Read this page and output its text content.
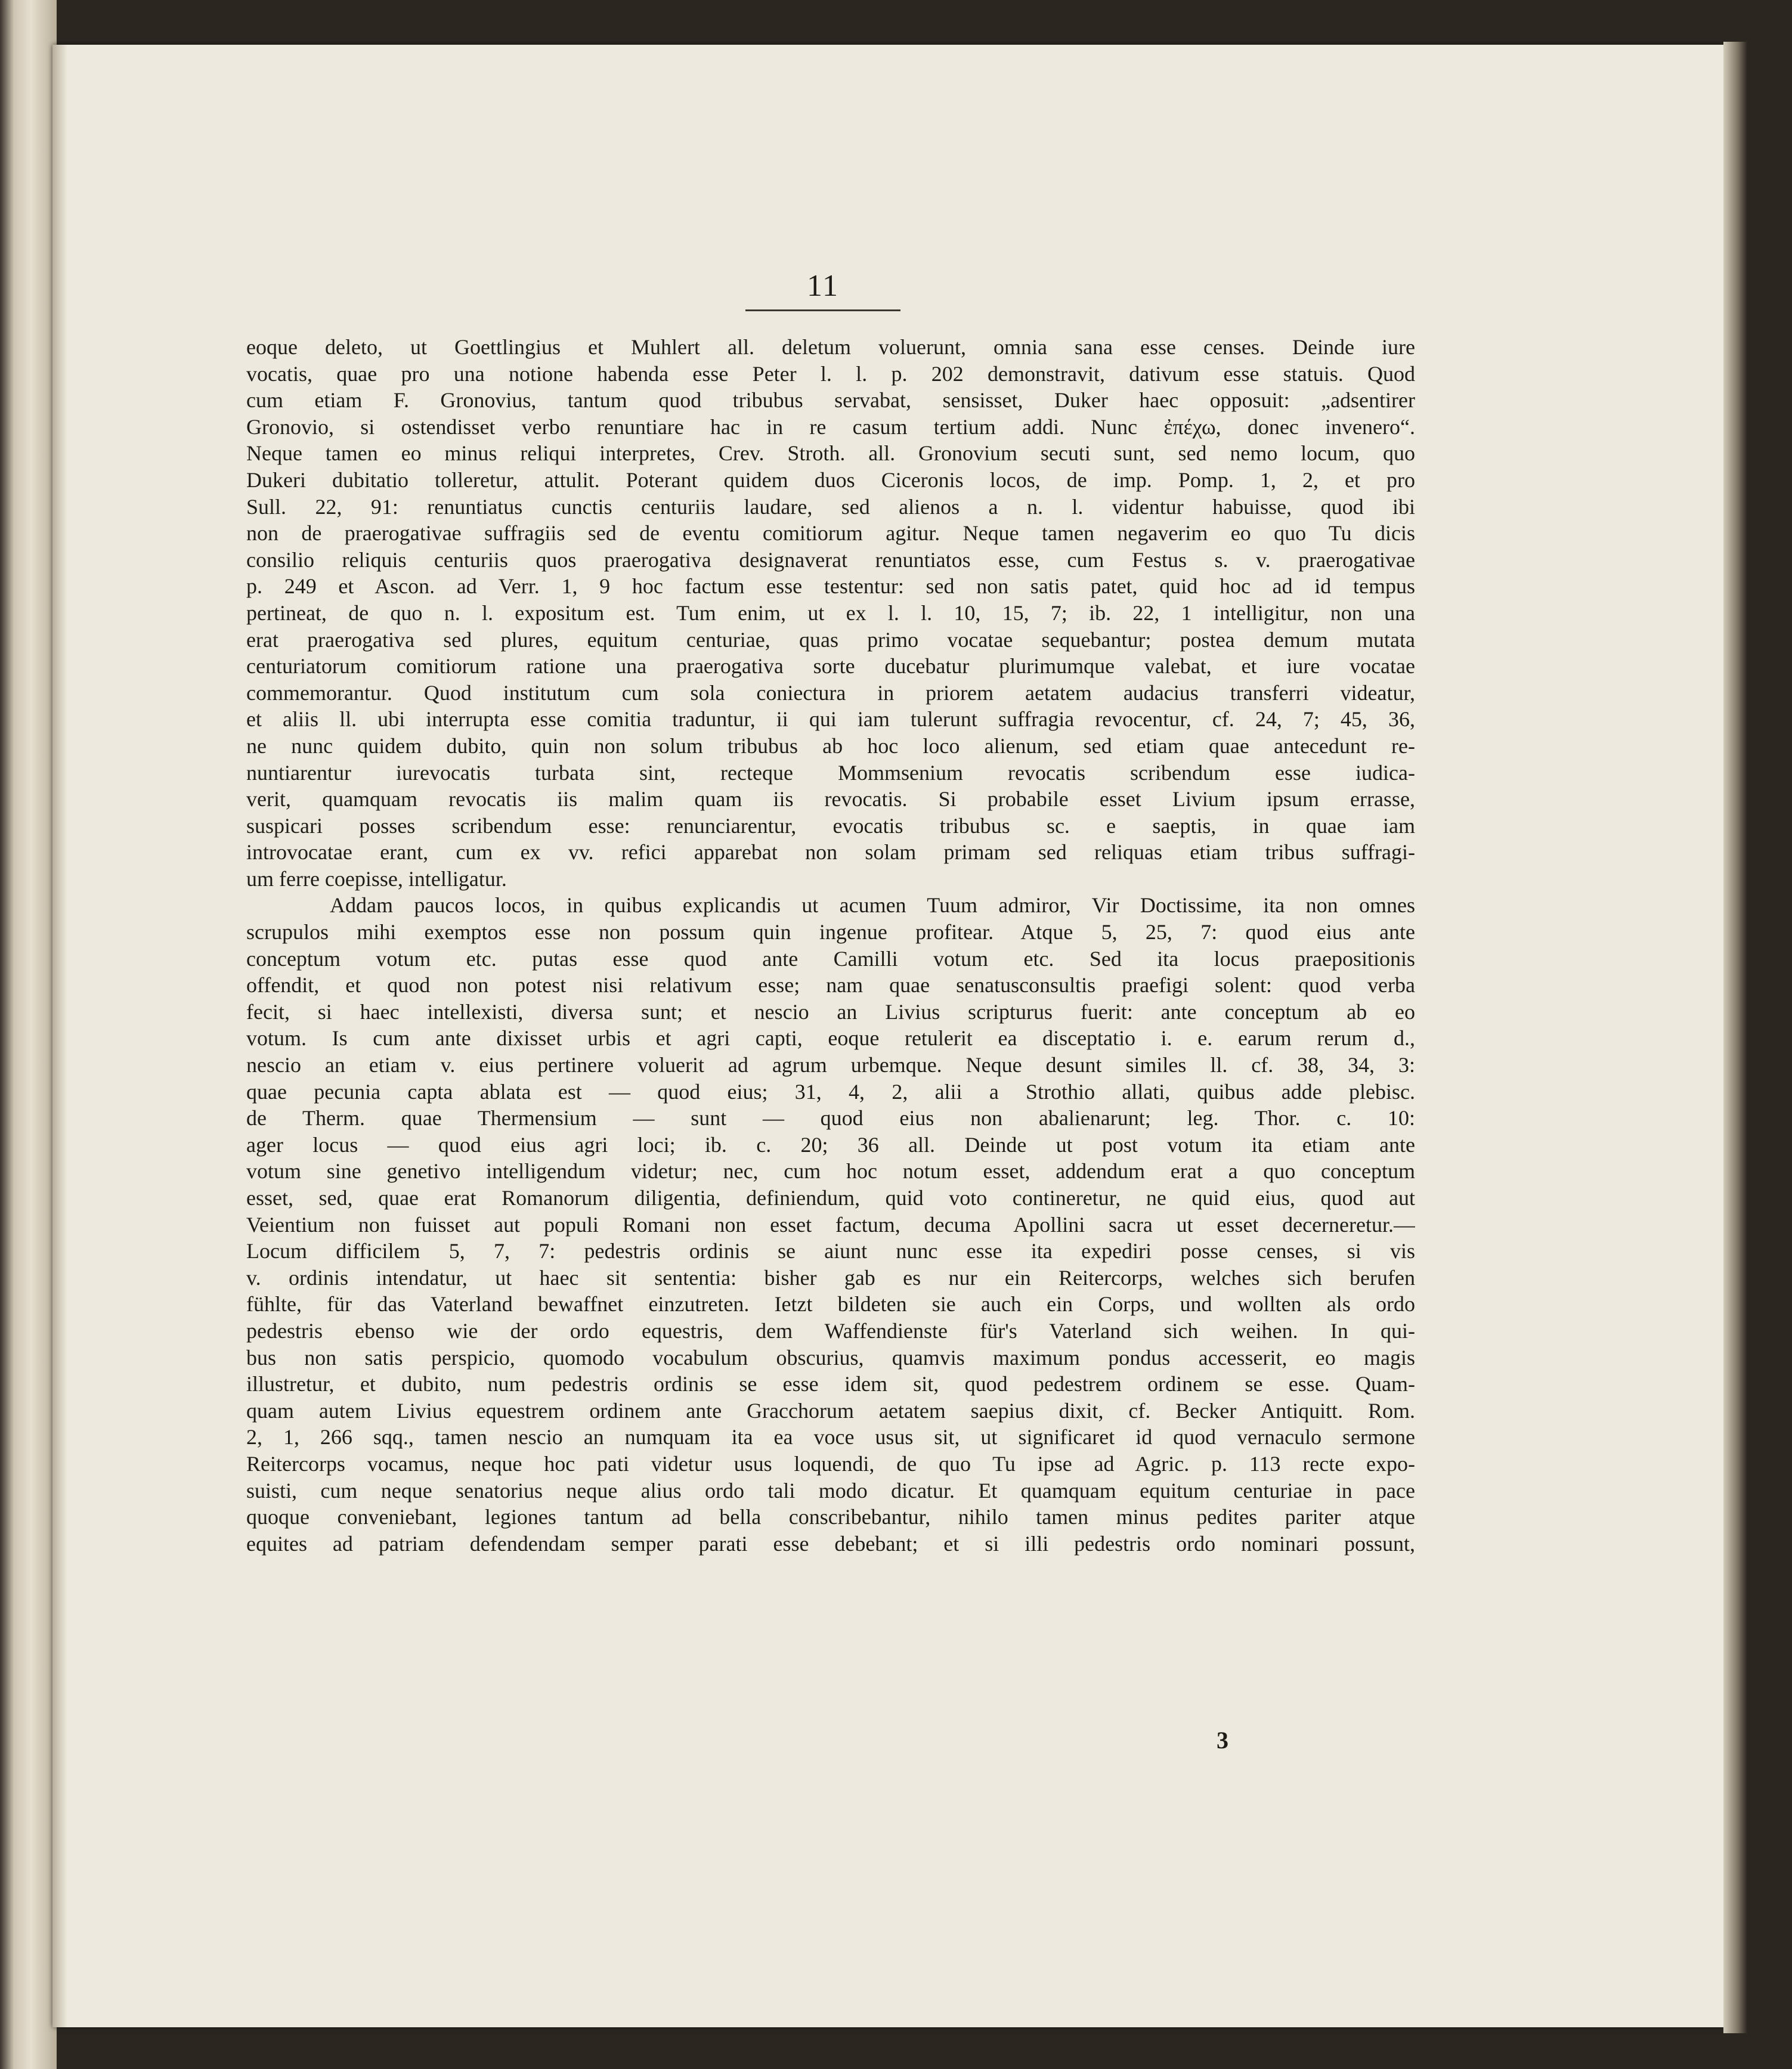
11
eoque deleto, ut Goettlingius et Muhlert all. deletum voluerunt, omnia sana esse censes. Deinde iure
vocatis, quae pro una notione habenda esse Peter l. l. p. 202 demonstravit, dativum esse statuis. Quod
cum etiam F. Gronovius, tantum quod tribubus servabat, sensisset, Duker haec opposuit: „adsentirer
Gronovio, si ostendisset verbo renuntiare hac in re casum tertium addi. Nunc ἐπέχω, donec invenero“.
Neque tamen eo minus reliqui interpretes, Crev. Stroth. all. Gronovium secuti sunt, sed nemo locum, quo
Dukeri dubitatio tolleretur, attulit. Poterant quidem duos Ciceronis locos, de imp. Pomp. 1, 2, et pro
Sull. 22, 91: renuntiatus cunctis centuriis laudare, sed alienos a n. l. videntur habuisse, quod ibi
non de praerogativae suffragiis sed de eventu comitiorum agitur. Neque tamen negaverim eo quo Tu dicis
consilio reliquis centuriis quos praerogativa designaverat renuntiatos esse, cum Festus s. v. praerogativae
p. 249 et Ascon. ad Verr. 1, 9 hoc factum esse testentur: sed non satis patet, quid hoc ad id tempus
pertineat, de quo n. l. expositum est. Tum enim, ut ex l. l. 10, 15, 7; ib. 22, 1 intelligitur, non una
erat praerogativa sed plures, equitum centuriae, quas primo vocatae sequebantur; postea demum mutata
centuriatorum comitiorum ratione una praerogativa sorte ducebatur plurimumque valebat, et iure vocatae
commemorantur. Quod institutum cum sola coniectura in priorem aetatem audacius transferri videatur,
et aliis ll. ubi interrupta esse comitia traduntur, ii qui iam tulerunt suffragia revocentur, cf. 24, 7; 45, 36,
ne nunc quidem dubito, quin non solum tribubus ab hoc loco alienum, sed etiam quae antecedunt re-
nuntiarentur iurevocatis turbata sint, recteque Mommsenium revocatis scribendum esse iudica-
verit, quamquam revocatis iis malim quam iis revocatis. Si probabile esset Livium ipsum errasse,
suspicari posses scribendum esse: renunciarentur, evocatis tribubus sc. e saeptis, in quae iam
introvocatae erant, cum ex vv. refici apparebat non solam primam sed reliquas etiam tribus suffragi-
um ferre coepisse, intelligatur.
Addam paucos locos, in quibus explicandis ut acumen Tuum admiror, Vir Doctissime, ita non omnes
scrupulos mihi exemptos esse non possum quin ingenue profitear. Atque 5, 25, 7: quod eius ante
conceptum votum etc. putas esse quod ante Camilli votum etc. Sed ita locus praepositionis
offendit, et quod non potest nisi relativum esse; nam quae senatusconsultis praefigi solent: quod verba
fecit, si haec intellexisti, diversa sunt; et nescio an Livius scripturus fuerit: ante conceptum ab eo
votum. Is cum ante dixisset urbis et agri capti, eoque retulerit ea disceptatio i. e. earum rerum d.,
nescio an etiam v. eius pertinere voluerit ad agrum urbemque. Neque desunt similes ll. cf. 38, 34, 3:
quae pecunia capta ablata est — quod eius; 31, 4, 2, alii a Strothio allati, quibus adde plebisc.
de Therm. quae Thermensium — sunt — quod eius non abalienarunt; leg. Thor. c. 10:
ager locus — quod eius agri loci; ib. c. 20; 36 all. Deinde ut post votum ita etiam ante
votum sine genetivo intelligendum videtur; nec, cum hoc notum esset, addendum erat a quo conceptum
esset, sed, quae erat Romanorum diligentia, definiendum, quid voto contineretur, ne quid eius, quod aut
Veientium non fuisset aut populi Romani non esset factum, decuma Apollini sacra ut esset decerneretur.—
Locum difficilem 5, 7, 7: pedestris ordinis se aiunt nunc esse ita expediri posse censes, si vis
v. ordinis intendatur, ut haec sit sententia: bisher gab es nur ein Reitercorps, welches sich berufen
fühlte, für das Vaterland bewaffnet einzutreten. Ietzt bildeten sie auch ein Corps, und wollten als ordo
pedestris ebenso wie der ordo equestris, dem Waffendienste für's Vaterland sich weihen. In qui-
bus non satis perspicio, quomodo vocabulum obscurius, quamvis maximum pondus accesserit, eo magis
illustretur, et dubito, num pedestris ordinis se esse idem sit, quod pedestrem ordinem se esse. Quam-
quam autem Livius equestrem ordinem ante Gracchorum aetatem saepius dixit, cf. Becker Antiquitt. Rom.
2, 1, 266 sqq., tamen nescio an numquam ita ea voce usus sit, ut significaret id quod vernaculo sermone
Reitercorps vocamus, neque hoc pati videtur usus loquendi, de quo Tu ipse ad Agric. p. 113 recte expo-
suisti, cum neque senatorius neque alius ordo tali modo dicatur. Et quamquam equitum centuriae in pace
quoque conveniebant, legiones tantum ad bella conscribebantur, nihilo tamen minus pedites pariter atque
equites ad patriam defendendam semper parati esse debebant; et si illi pedestris ordo nominari possunt,
3
